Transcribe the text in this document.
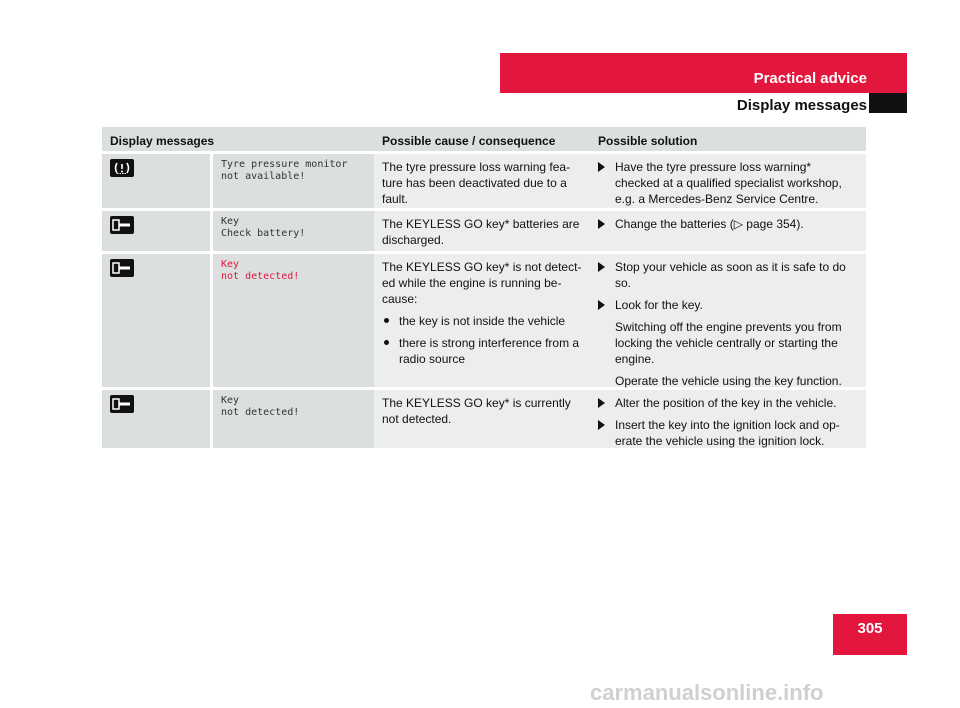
Practical advice
Display messages
Display messages	Possible cause / consequence	Possible solution
Tyre pressure monitor
not available!
The tyre pressure loss warning fea-ture has been deactivated due to a fault.
Have the tyre pressure loss warning* checked at a qualified specialist workshop, e.g. a Mercedes-Benz Service Centre.
Key
Check battery!
The KEYLESS GO key* batteries are discharged.
Change the batteries (▷ page 354).
Key
not detected!
The KEYLESS GO key* is not detect-ed while the engine is running be-cause:
the key is not inside the vehicle
there is strong interference from a radio source
Stop your vehicle as soon as it is safe to do so.
Look for the key.
Switching off the engine prevents you from locking the vehicle centrally or starting the engine.
Operate the vehicle using the key function.
Key
not detected!
The KEYLESS GO key* is currently not detected.
Alter the position of the key in the vehicle.
Insert the key into the ignition lock and op-erate the vehicle using the ignition lock.
305
carmanualsonline.info
